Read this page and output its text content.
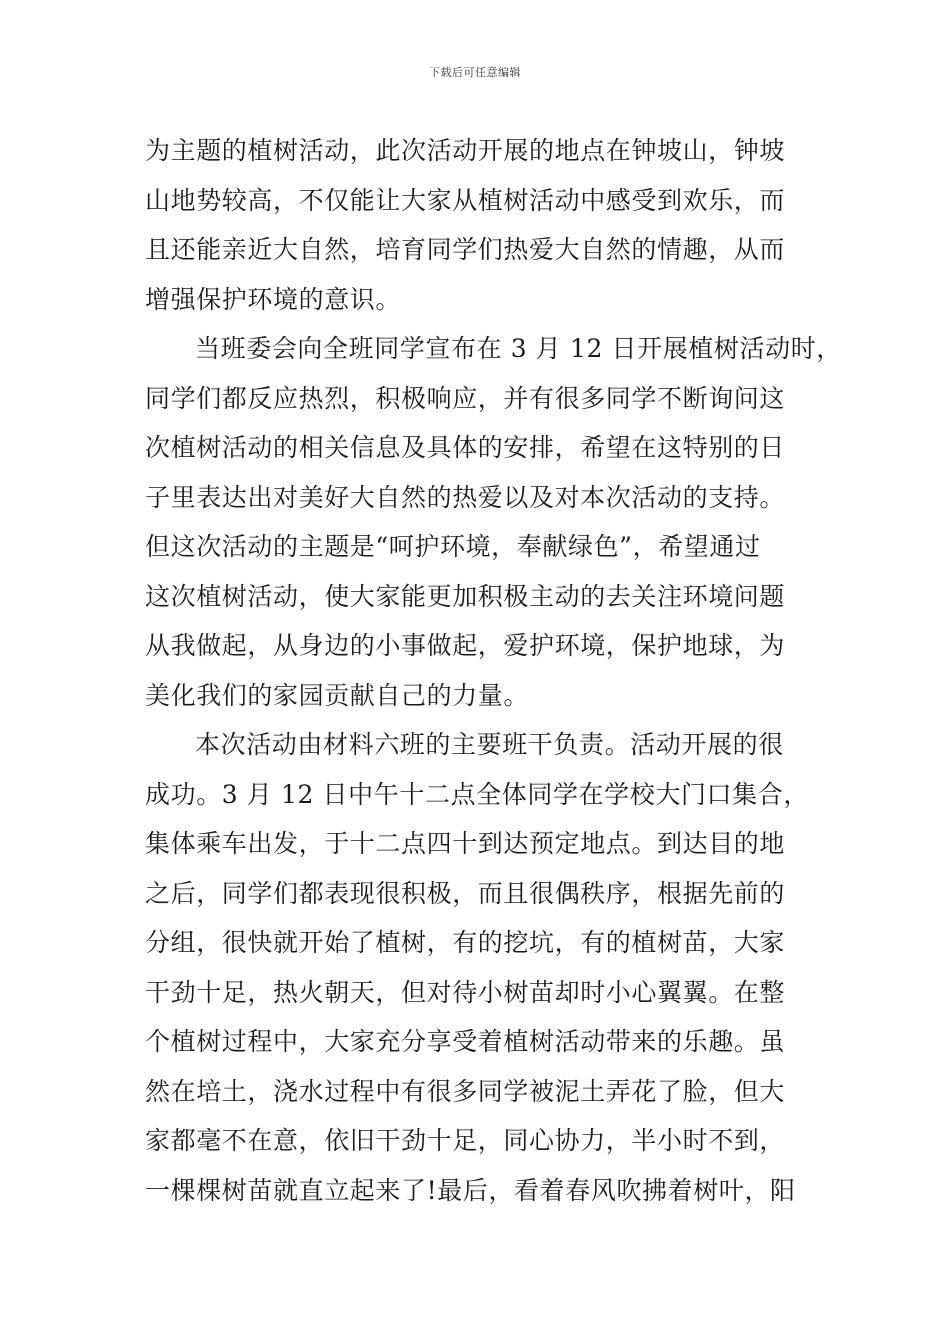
下载后可任意编辑
为主题的植树活动，此次活动开展的地点在钟坡山，钟坡
山地势较高，不仅能让大家从植树活动中感受到欢乐，而
且还能亲近大自然，培育同学们热爱大自然的情趣，从而
增强保护环境的意识。
当班委会向全班同学宣布在 3 月 12 日开展植树活动时，
同学们都反应热烈，积极响应，并有很多同学不断询问这
次植树活动的相关信息及具体的安排，希望在这特别的日
子里表达出对美好大自然的热爱以及对本次活动的支持。
但这次活动的主题是“呵护环境，奉献绿色”，希望通过
这次植树活动，使大家能更加积极主动的去关注环境问题
从我做起，从身边的小事做起，爱护环境，保护地球，为
美化我们的家园贡献自己的力量。
本次活动由材料六班的主要班干负责。活动开展的很
成功。3 月 12 日中午十二点全体同学在学校大门口集合，
集体乘车出发，于十二点四十到达预定地点。到达目的地
之后，同学们都表现很积极，而且很偶秩序，根据先前的
分组，很快就开始了植树，有的挖坑，有的植树苗，大家
干劲十足，热火朝天，但对待小树苗却时小心翼翼。在整
个植树过程中，大家充分享受着植树活动带来的乐趣。虽
然在培土，浇水过程中有很多同学被泥土弄花了脸，但大
家都毫不在意，依旧干劲十足，同心协力，半小时不到，
一棵棵树苗就直立起来了!最后，看着春风吹拂着树叶，阳
